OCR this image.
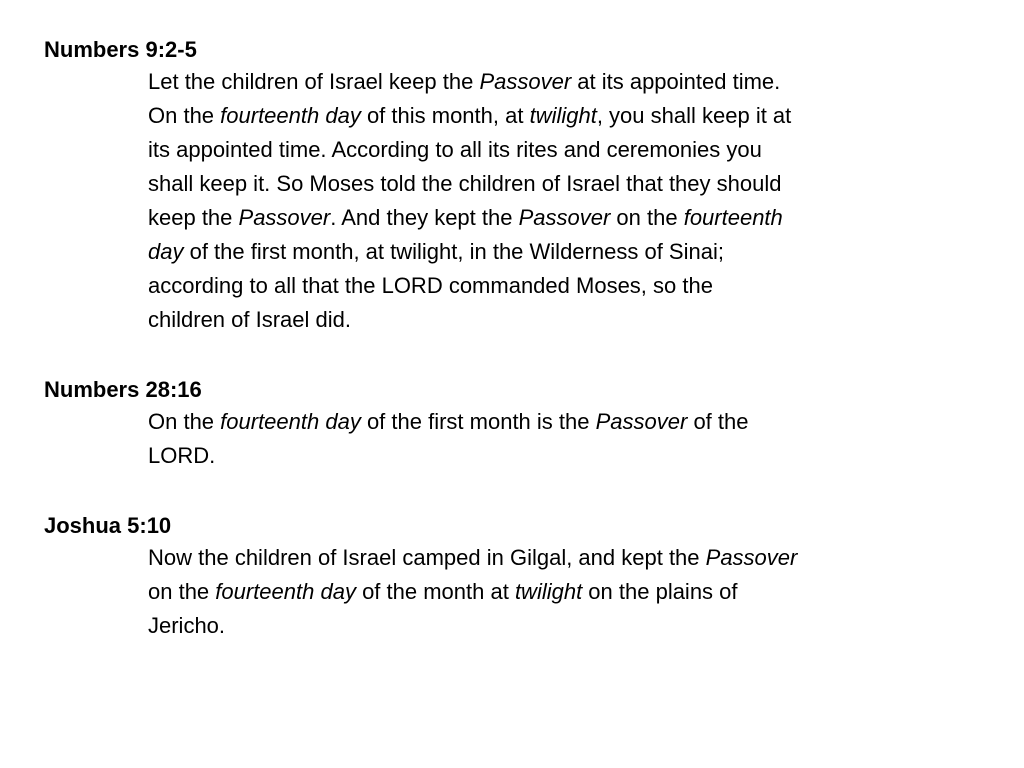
Numbers 9:2-5
Let the children of Israel keep the Passover at its appointed time.
On the fourteenth day of this month, at twilight, you shall keep it at
its appointed time. According to all its rites and ceremonies you
shall keep it. So Moses told the children of Israel that they should
keep the Passover. And they kept the Passover on the fourteenth
day of the first month, at twilight, in the Wilderness of Sinai;
according to all that the LORD commanded Moses, so the
children of Israel did.
Numbers 28:16
On the fourteenth day of the first month is the Passover of the
LORD.
Joshua 5:10
Now the children of Israel camped in Gilgal, and kept the Passover
on the fourteenth day of the month at twilight on the plains of
Jericho.
